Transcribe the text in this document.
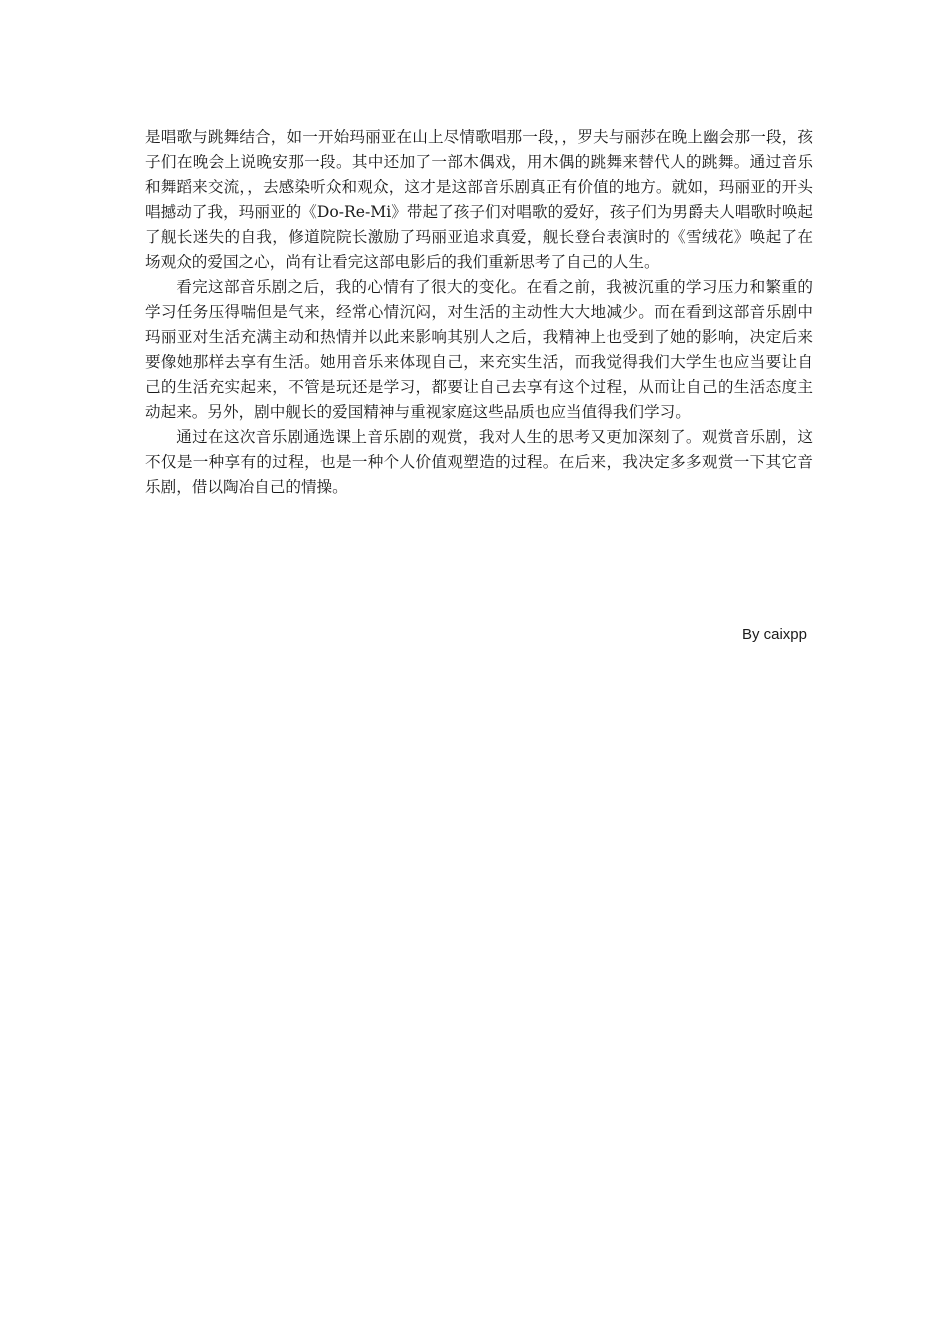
是唱歌与跳舞结合，如一开始玛丽亚在山上尽情歌唱那一段，，罗夫与丽莎在晚上幽会那一段，孩子们在晚会上说晚安那一段。其中还加了一部木偶戏，用木偶的跳舞来替代人的跳舞。通过音乐和舞蹈来交流，，去感染听众和观众，这才是这部音乐剧真正有价值的地方。就如，玛丽亚的开头唱撼动了我，玛丽亚的《Do-Re-Mi》带起了孩子们对唱歌的爱好，孩子们为男爵夫人唱歌时唤起了舰长迷失的自我，修道院院长激励了玛丽亚追求真爱，舰长登台表演时的《雪绒花》唤起了在场观众的爱国之心，尚有让看完这部电影后的我们重新思考了自己的人生。

看完这部音乐剧之后，我的心情有了很大的变化。在看之前，我被沉重的学习压力和繁重的学习任务压得喘但是气来，经常心情沉闷，对生活的主动性大大地减少。而在看到这部音乐剧中玛丽亚对生活充满主动和热情并以此来影响其别人之后，我精神上也受到了她的影响，决定后来要像她那样去享有生活。她用音乐来体现自己，来充实生活，而我觉得我们大学生也应当要让自己的生活充实起来，不管是玩还是学习，都要让自己去享有这个过程，从而让自己的生活态度主动起来。另外，剧中舰长的爱国精神与重视家庭这些品质也应当值得我们学习。

通过在这次音乐剧通选课上音乐剧的观赏，我对人生的思考又更加深刻了。观赏音乐剧，这不仅是一种享有的过程，也是一种个人价值观塑造的过程。在后来，我决定多多观赏一下其它音乐剧，借以陶冶自己的情操。

By caixpp
